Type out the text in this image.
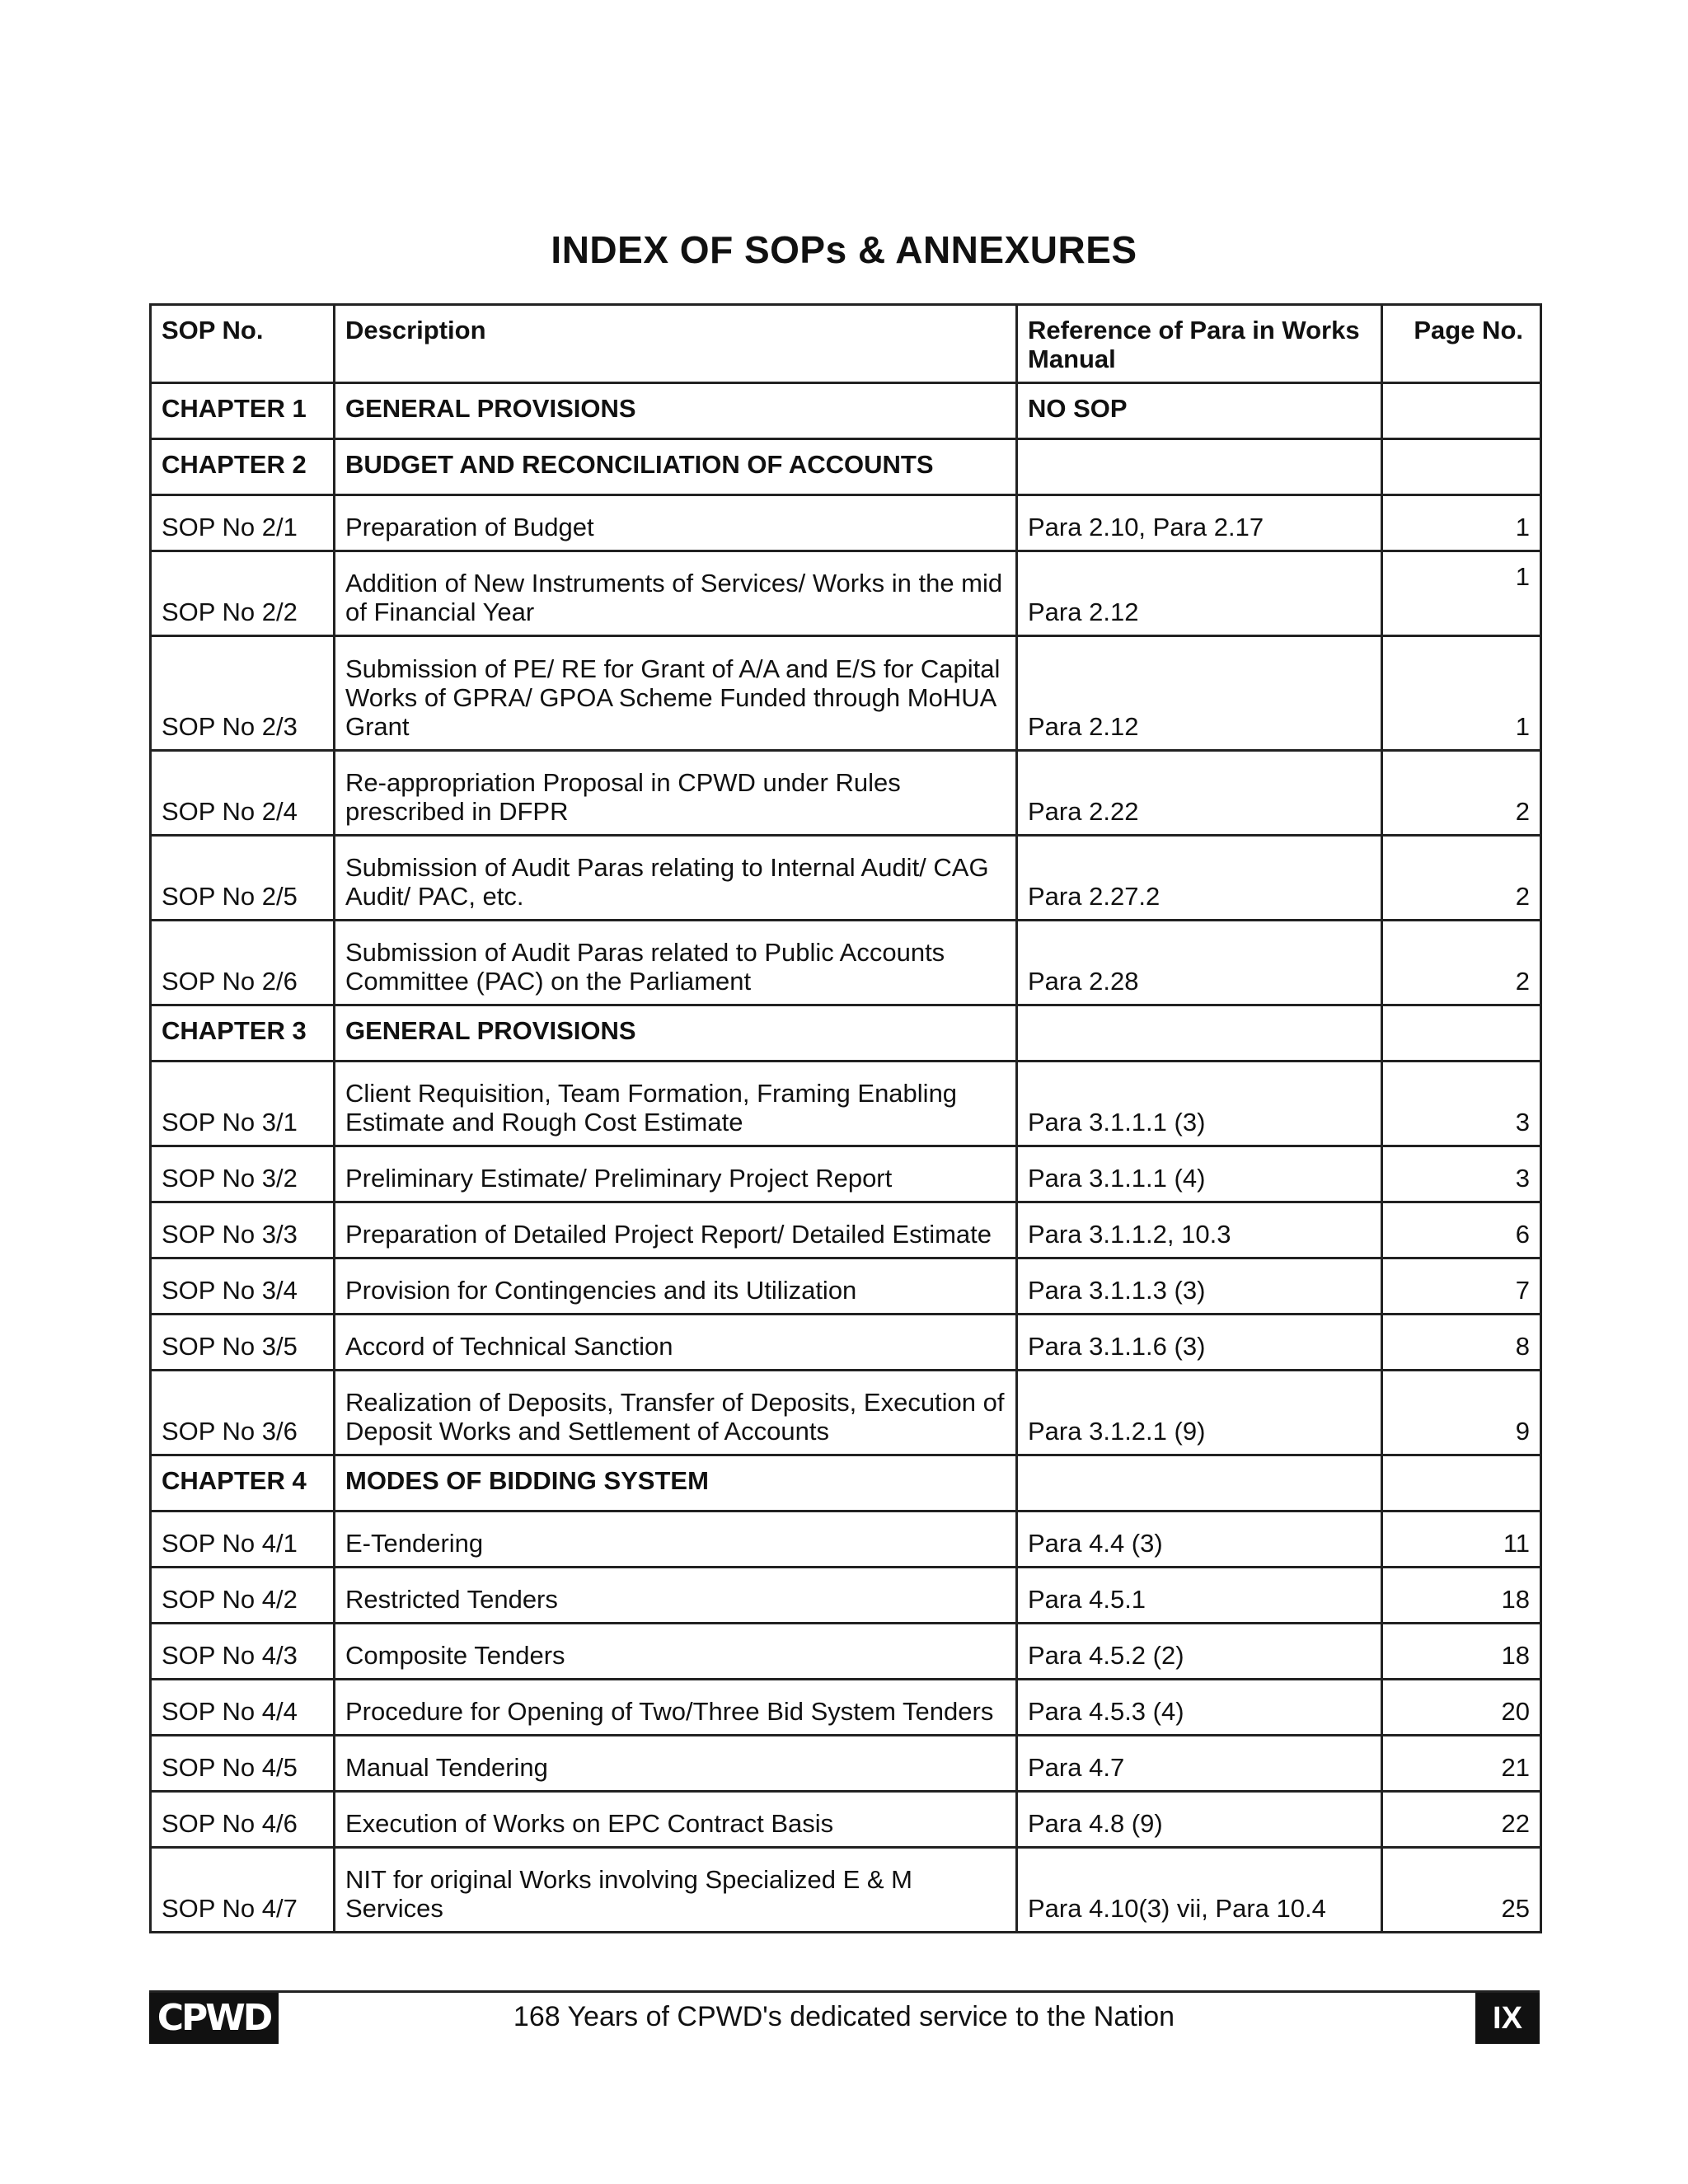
INDEX OF SOPs & ANNEXURES
SOP No.	Description	Reference of Para in Works Manual	Page No.
CHAPTER 1	GENERAL PROVISIONS	NO SOP	
CHAPTER 2	BUDGET AND RECONCILIATION OF ACCOUNTS		
SOP No 2/1	Preparation of Budget	Para 2.10, Para 2.17	1
SOP No 2/2	Addition of New Instruments of Services/ Works in the mid of Financial Year	Para 2.12	1
SOP No 2/3	Submission of PE/ RE for Grant of A/A and E/S for Capital Works of GPRA/ GPOA Scheme Funded through MoHUA Grant	Para 2.12	1
SOP No 2/4	Re-appropriation Proposal in CPWD under Rules prescribed in DFPR	Para 2.22	2
SOP No 2/5	Submission of Audit Paras relating to Internal Audit/ CAG Audit/ PAC, etc.	Para 2.27.2	2
SOP No 2/6	Submission of Audit Paras related to Public Accounts Committee (PAC) on the Parliament	Para 2.28	2
CHAPTER 3	GENERAL PROVISIONS		
SOP No 3/1	Client Requisition, Team Formation, Framing Enabling Estimate and Rough Cost Estimate	Para 3.1.1.1 (3)	3
SOP No 3/2	Preliminary Estimate/ Preliminary Project Report	Para 3.1.1.1 (4)	3
SOP No 3/3	Preparation of Detailed Project Report/ Detailed Estimate	Para 3.1.1.2, 10.3	6
SOP No 3/4	Provision for Contingencies and its Utilization	Para 3.1.1.3 (3)	7
SOP No 3/5	Accord of Technical Sanction	Para 3.1.1.6 (3)	8
SOP No 3/6	Realization of Deposits, Transfer of Deposits, Execution of Deposit Works and Settlement of Accounts	Para 3.1.2.1 (9)	9
CHAPTER 4	MODES OF BIDDING SYSTEM		
SOP No 4/1	E-Tendering	Para 4.4 (3)	11
SOP No 4/2	Restricted Tenders	Para 4.5.1	18
SOP No 4/3	Composite Tenders	Para 4.5.2 (2)	18
SOP No 4/4	Procedure for Opening of Two/Three Bid System Tenders	Para 4.5.3 (4)	20
SOP No 4/5	Manual Tendering	Para 4.7	21
SOP No 4/6	Execution of Works on EPC Contract Basis	Para 4.8 (9)	22
SOP No 4/7	NIT for original Works involving Specialized E & M Services	Para 4.10(3) vii, Para 10.4	25
CPWD	168 Years of CPWD's dedicated service to the Nation	IX
